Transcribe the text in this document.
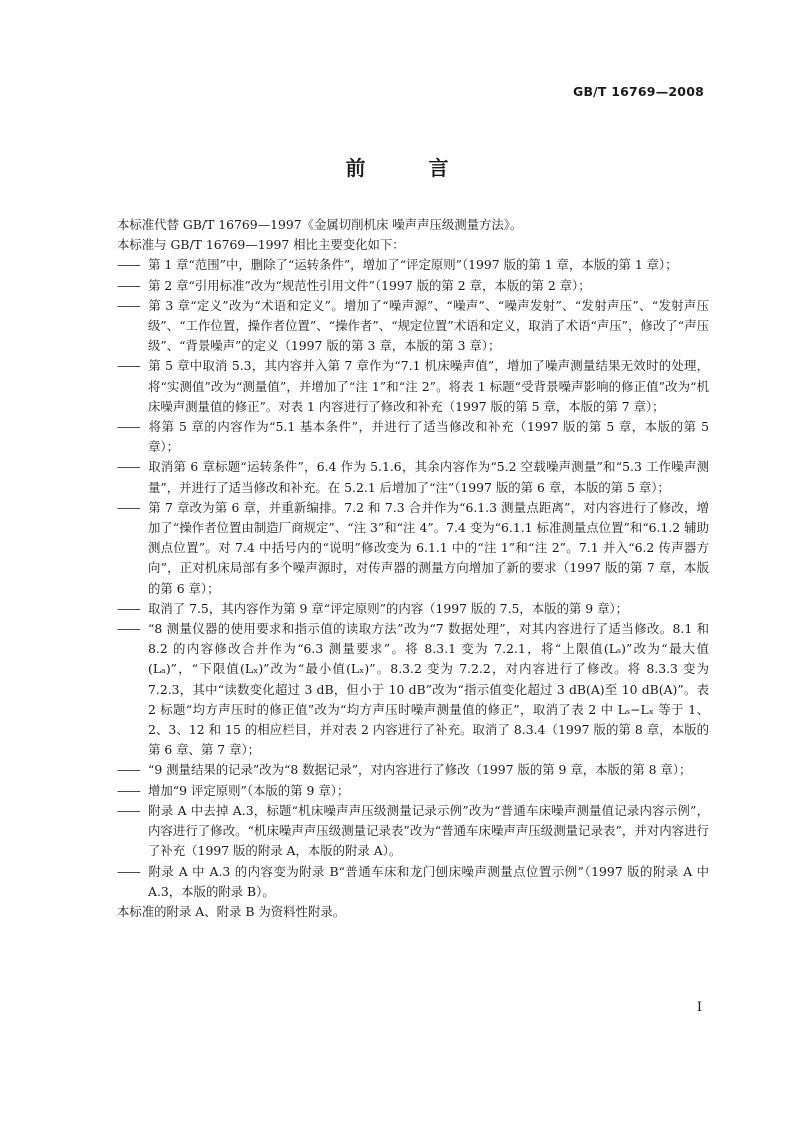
GB/T 16769—2008
前 言

本标准代替 GB/T 16769—1997《金属切削机床 噪声声压级测量方法》。

本标准与 GB/T 16769—1997 相比主要变化如下：

—— 第 1 章“范围”中，删除了“运转条件”，增加了“评定原则”（1997 版的第 1 章，本版的第 1 章）；

—— 第 2 章“引用标准”改为“规范性引用文件”（1997 版的第 2 章，本版的第 2 章）；

—— 第 3 章“定义”改为“术语和定义”。增加了“噪声源”、“噪声”、“噪声发射”、“发射声压”、“发射声压级”、“工作位置，操作者位置”、“操作者”、“规定位置”术语和定义，取消了术语“声压”，修改了“声压级”、“背景噪声”的定义（1997 版的第 3 章，本版的第 3 章）；

—— 第 5 章中取消 5.3，其内容并入第 7 章作为“7.1 机床噪声值”，增加了噪声测量结果无效时的处理，将“实测值”改为“测量值”，并增加了“注 1”和“注 2”。将表 1 标题“受背景噪声影响的修正值”改为“机床噪声测量值的修正”。对表 1 内容进行了修改和补充（1997 版的第 5 章，本版的第 7 章）；

—— 将第 5 章的内容作为“5.1 基本条件”，并进行了适当修改和补充（1997 版的第 5 章，本版的第 5 章）；

—— 取消第 6 章标题“运转条件”，6.4 作为 5.1.6，其余内容作为“5.2 空载噪声测量”和“5.3 工作噪声测量”，并进行了适当修改和补充。在 5.2.1 后增加了“注”（1997 版的第 6 章，本版的第 5 章）；

—— 第 7 章改为第 6 章，并重新编排。7.2 和 7.3 合并作为“6.1.3 测量点距离”，对内容进行了修改，增加了“操作者位置由制造厂商规定”、“注 3”和“注 4”。7.4 变为“6.1.1 标准测量点位置”和“6.1.2 辅助测点位置”。对 7.4 中括号内的“说明”修改变为 6.1.1 中的“注 1”和“注 2”。7.1 并入“6.2 传声器方向”，正对机床局部有多个噪声源时，对传声器的测量方向增加了新的要求（1997 版的第 7 章，本版的第 6 章）；

—— 取消了 7.5，其内容作为第 9 章“评定原则”的内容（1997 版的 7.5，本版的第 9 章）；

—— “8 测量仪器的使用要求和指示值的读取方法”改为“7 数据处理”，对其内容进行了适当修改。8.1 和 8.2 的内容修改合并作为“6.3 测量要求”。将 8.3.1 变为 7.2.1，将“上限值(Lₛ)”改为“最大值(Lₐ)”，“下限值(Lₓ)”改为“最小值(Lₓ)”。8.3.2 变为 7.2.2，对内容进行了修改。将 8.3.3 变为 7.2.3，其中“读数变化超过 3 dB，但小于 10 dB”改为“指示值变化超过 3 dB(A)至 10 dB(A)”。表 2 标题“均方声压时的修正值”改为“均方声压时噪声测量值的修正”，取消了表 2 中 Lₛ−Lₓ 等于 1、2、3、12 和 15 的相应栏目，并对表 2 内容进行了补充。取消了 8.3.4（1997 版的第 8 章，本版的第 6 章、第 7 章）；

—— “9 测量结果的记录”改为“8 数据记录”，对内容进行了修改（1997 版的第 9 章，本版的第 8 章）；

—— 增加“9 评定原则”（本版的第 9 章）；

—— 附录 A 中去掉 A.3，标题“机床噪声声压级测量记录示例”改为“普通车床噪声测量值记录内容示例”，内容进行了修改。“机床噪声声压级测量记录表”改为“普通车床噪声声压级测量记录表”，并对内容进行了补充（1997 版的附录 A，本版的附录 A）。

—— 附录 A 中 A.3 的内容变为附录 B“普通车床和龙门刨床噪声测量点位置示例”（1997 版的附录 A 中 A.3，本版的附录 B）。

本标准的附录 A、附录 B 为资料性附录。

I
